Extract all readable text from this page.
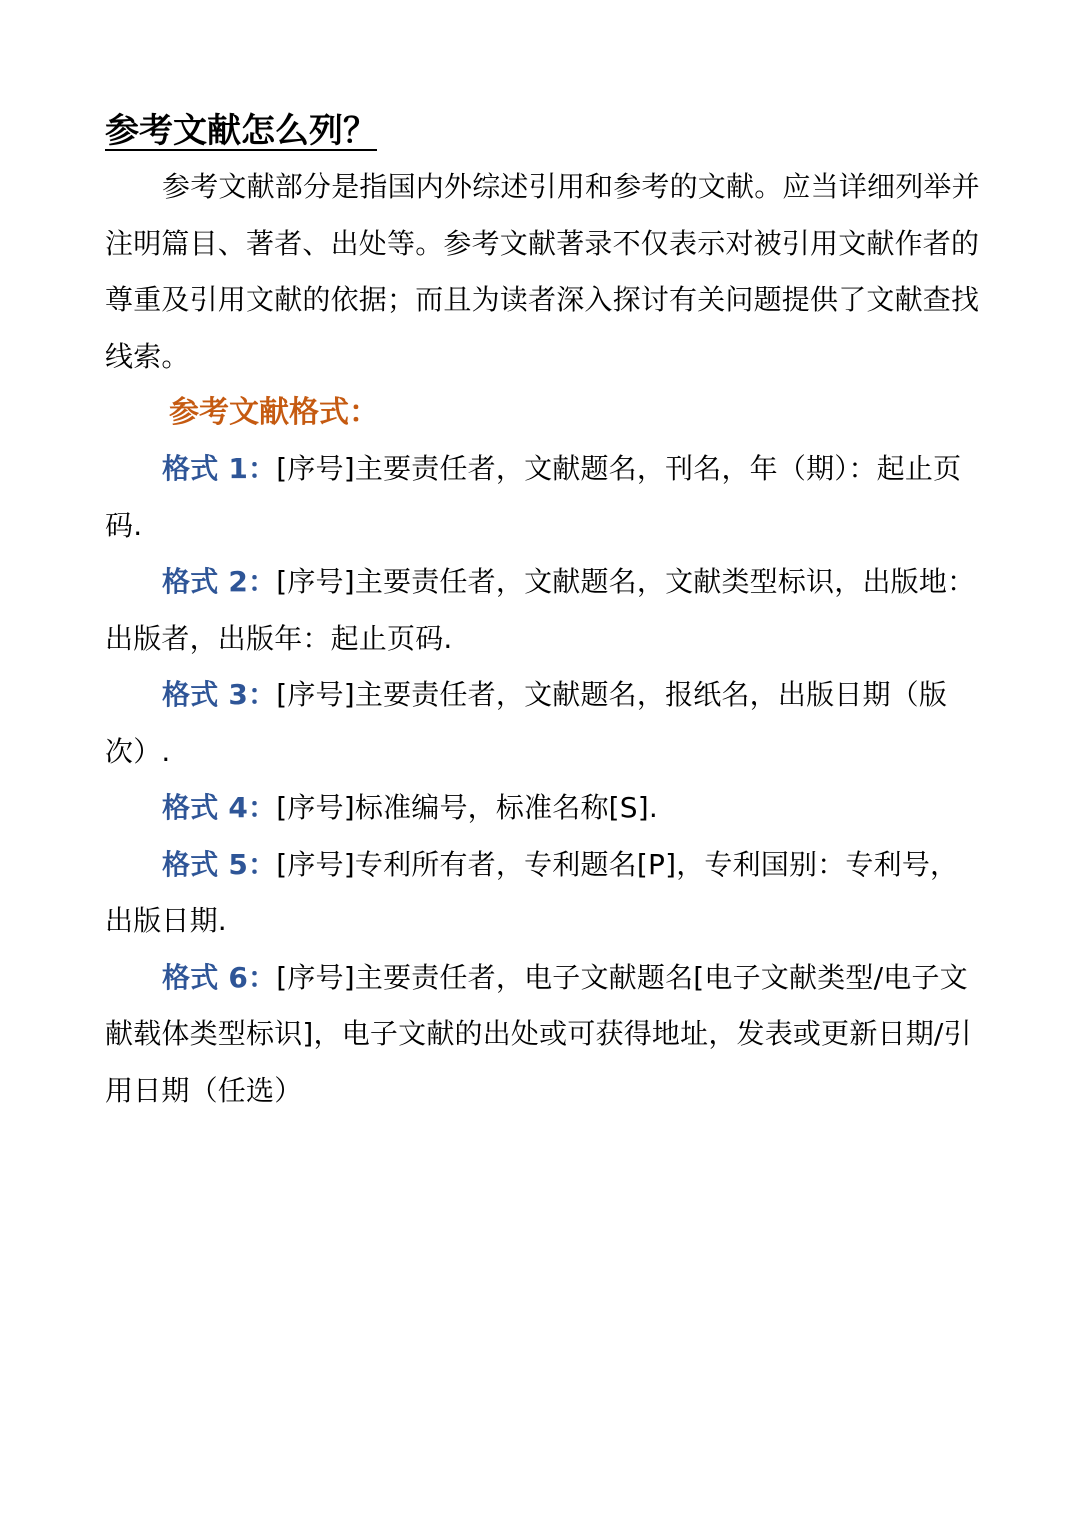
参考文献怎么列？

参考文献部分是指国内外综述引用和参考的文献。应当详细列举并注明篇目、著者、出处等。参考文献著录不仅表示对被引用文献作者的尊重及引用文献的依据；而且为读者深入探讨有关问题提供了文献查找线索。

参考文献格式：

格式 1：[序号]主要责任者，文献题名，刊名，年（期）：起止页码.

格式 2：[序号]主要责任者，文献题名，文献类型标识，出版地：出版者，出版年：起止页码.

格式 3：[序号]主要责任者，文献题名，报纸名，出版日期（版次）.

格式 4：[序号]标准编号，标准名称[S].

格式 5：[序号]专利所有者，专利题名[P]，专利国别：专利号，出版日期.

格式 6：[序号]主要责任者，电子文献题名[电子文献类型/电子文献载体类型标识]，电子文献的出处或可获得地址，发表或更新日期/引用日期（任选）
